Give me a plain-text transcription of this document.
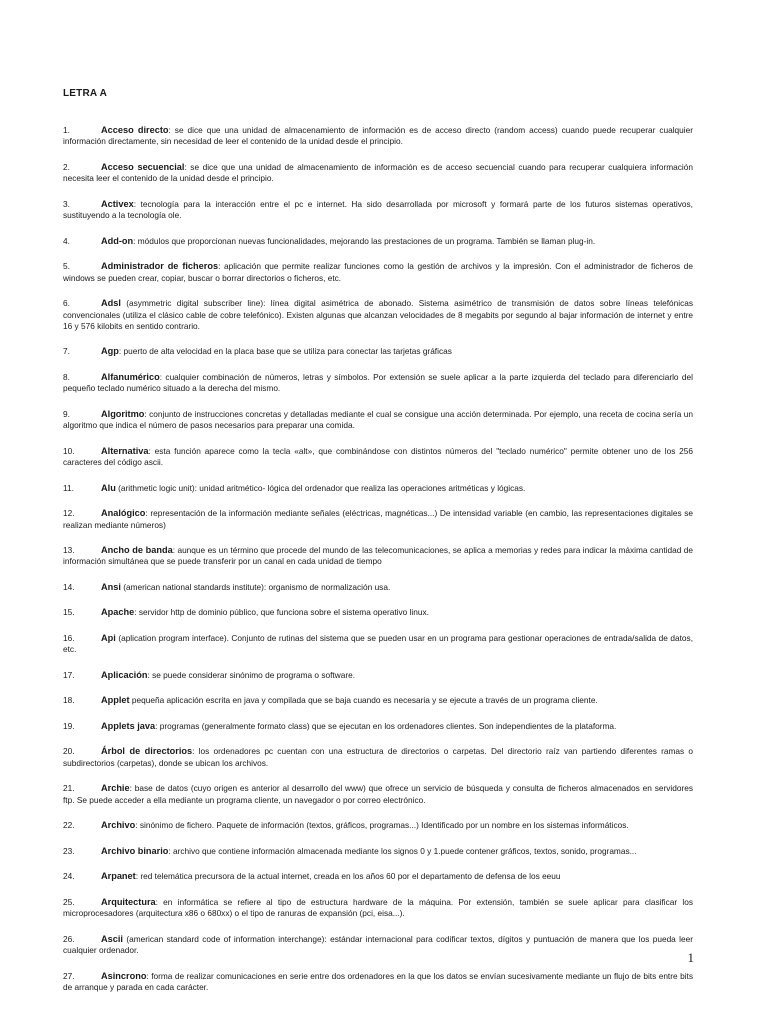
LETRA A
1.	Acceso directo: se dice que una unidad de almacenamiento de información es de acceso directo (random access) cuando puede recuperar cualquier información directamente, sin necesidad de leer el contenido de la unidad desde el principio.
2.	Acceso secuencial: se dice que una unidad de almacenamiento de información es de acceso secuencial cuando para recuperar cualquiera información necesita leer el contenido de la unidad desde el principio.
3.	Activex: tecnología para la interacción entre el pc e internet. Ha sido desarrollada por microsoft y formará parte de los futuros sistemas operativos, sustituyendo a la tecnología ole.
4.	Add-on: módulos que proporcionan nuevas funcionalidades, mejorando las prestaciones de un programa. También se llaman plug-in.
5.	Administrador de ficheros: aplicación que permite realizar funciones como la gestión de archivos y la impresión. Con el administrador de ficheros de windows se pueden crear, copiar, buscar o borrar directorios o ficheros, etc.
6.	Adsl (asymmetric digital subscriber line): línea digital asimétrica de abonado. Sistema asimétrico de transmisión de datos sobre líneas telefónicas convencionales (utiliza el clásico cable de cobre telefónico). Existen algunas que alcanzan velocidades de 8 megabits por segundo al bajar información de internet y entre 16 y 576 kilobits en sentido contrario.
7.	Agp: puerto de alta velocidad en la placa base que se utiliza para conectar las tarjetas gráficas
8.	Alfanumérico: cualquier combinación de números, letras y símbolos. Por extensión se suele aplicar a la parte izquierda del teclado para diferenciarlo del pequeño teclado numérico situado a la derecha del mismo.
9.	Algoritmo: conjunto de instrucciones concretas y detalladas mediante el cual se consigue una acción determinada. Por ejemplo, una receta de cocina sería un algoritmo que indica el número de pasos necesarios para preparar una comida.
10.	Alternativa: esta función aparece como la tecla «alt», que combinándose con distintos números del "teclado numérico" permite obtener uno de los 256 caracteres del código ascii.
11.	Alu (arithmetic logic unit): unidad aritmético- lógica del ordenador que realiza las operaciones aritméticas y lógicas.
12.	Analógico: representación de la información mediante señales (eléctricas, magnéticas...) De intensidad variable (en cambio, las representaciones digitales se realizan mediante números)
13.	Ancho de banda: aunque es un término que procede del mundo de las telecomunicaciones, se aplica a memorias y redes para indicar la máxima cantidad de información simultánea que se puede transferir por un canal en cada unidad de tiempo
14.	Ansi (american national standards institute): organismo de normalización usa.
15.	Apache: servidor http de dominio público, que funciona sobre el sistema operativo linux.
16.	Api (aplication program interface). Conjunto de rutinas del sistema que se pueden usar en un programa para gestionar operaciones de entrada/salida de datos, etc.
17.	Aplicación: se puede considerar sinónimo de programa o software.
18.	Applet pequeña aplicación escrita en java y compilada que se baja cuando es necesaria y se ejecute a través de un programa cliente.
19.	Applets java: programas (generalmente formato class) que se ejecutan en los ordenadores clientes. Son independientes de la plataforma.
20.	Árbol de directorios: los ordenadores pc cuentan con una estructura de directorios o carpetas. Del directorio raíz van partiendo diferentes ramas o subdirectorios (carpetas), donde se ubican los archivos.
21.	Archie: base de datos (cuyo origen es anterior al desarrollo del www) que ofrece un servicio de búsqueda y consulta de ficheros almacenados en servidores ftp. Se puede acceder a ella mediante un programa cliente, un navegador o por correo electrónico.
22.	Archivo: sinónimo de fichero. Paquete de información (textos, gráficos, programas...) Identificado por un nombre en los sistemas informáticos.
23.	Archivo binario: archivo que contiene información almacenada mediante los signos 0 y 1.puede contener gráficos, textos, sonido, programas...
24.	Arpanet: red telemática precursora de la actual internet, creada en los años 60 por el departamento de defensa de los eeuu
25.	Arquitectura: en informática se refiere al tipo de estructura hardware de la máquina. Por extensión, también se suele aplicar para clasificar los microprocesadores (arquitectura x86 o 680xx) o el tipo de ranuras de expansión (pci, eisa...).
26.	Ascii (american standard code of information interchange): estándar internacional para codificar textos, dígitos y puntuación de manera que los pueda leer cualquier ordenador.
27.	Asincrono: forma de realizar comunicaciones en serie entre dos ordenadores en la que los datos se envían sucesivamente mediante un flujo de bits entre bits de arranque y parada en cada carácter.
1
